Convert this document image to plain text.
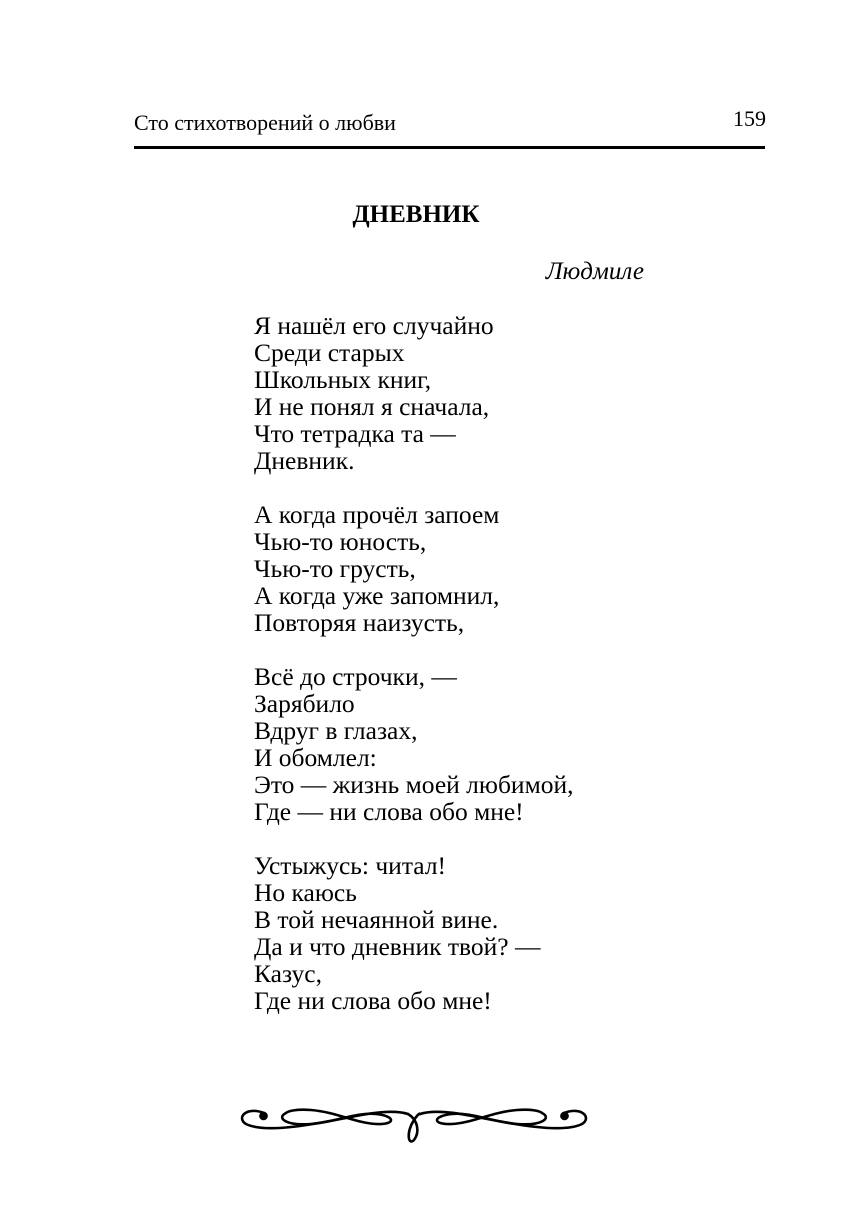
Сто стихотворений о любви	159
ДНЕВНИК
Людмиле
Я нашёл его случайно
Среди старых
Школьных книг,
И не понял я сначала,
Что тетрадка та —
Дневник.
А когда прочёл запоем
Чью-то юность,
Чью-то грусть,
А когда уже запомнил,
Повторяя наизусть,
Всё до строчки, —
Зарябило
Вдруг в глазах,
И обомлел:
Это — жизнь моей любимой,
Где — ни слова обо мне!
Устыжусь: читал!
Но каюсь
В той нечаянной вине.
Да и что дневник твой? —
Казус,
Где ни слова обо мне!
